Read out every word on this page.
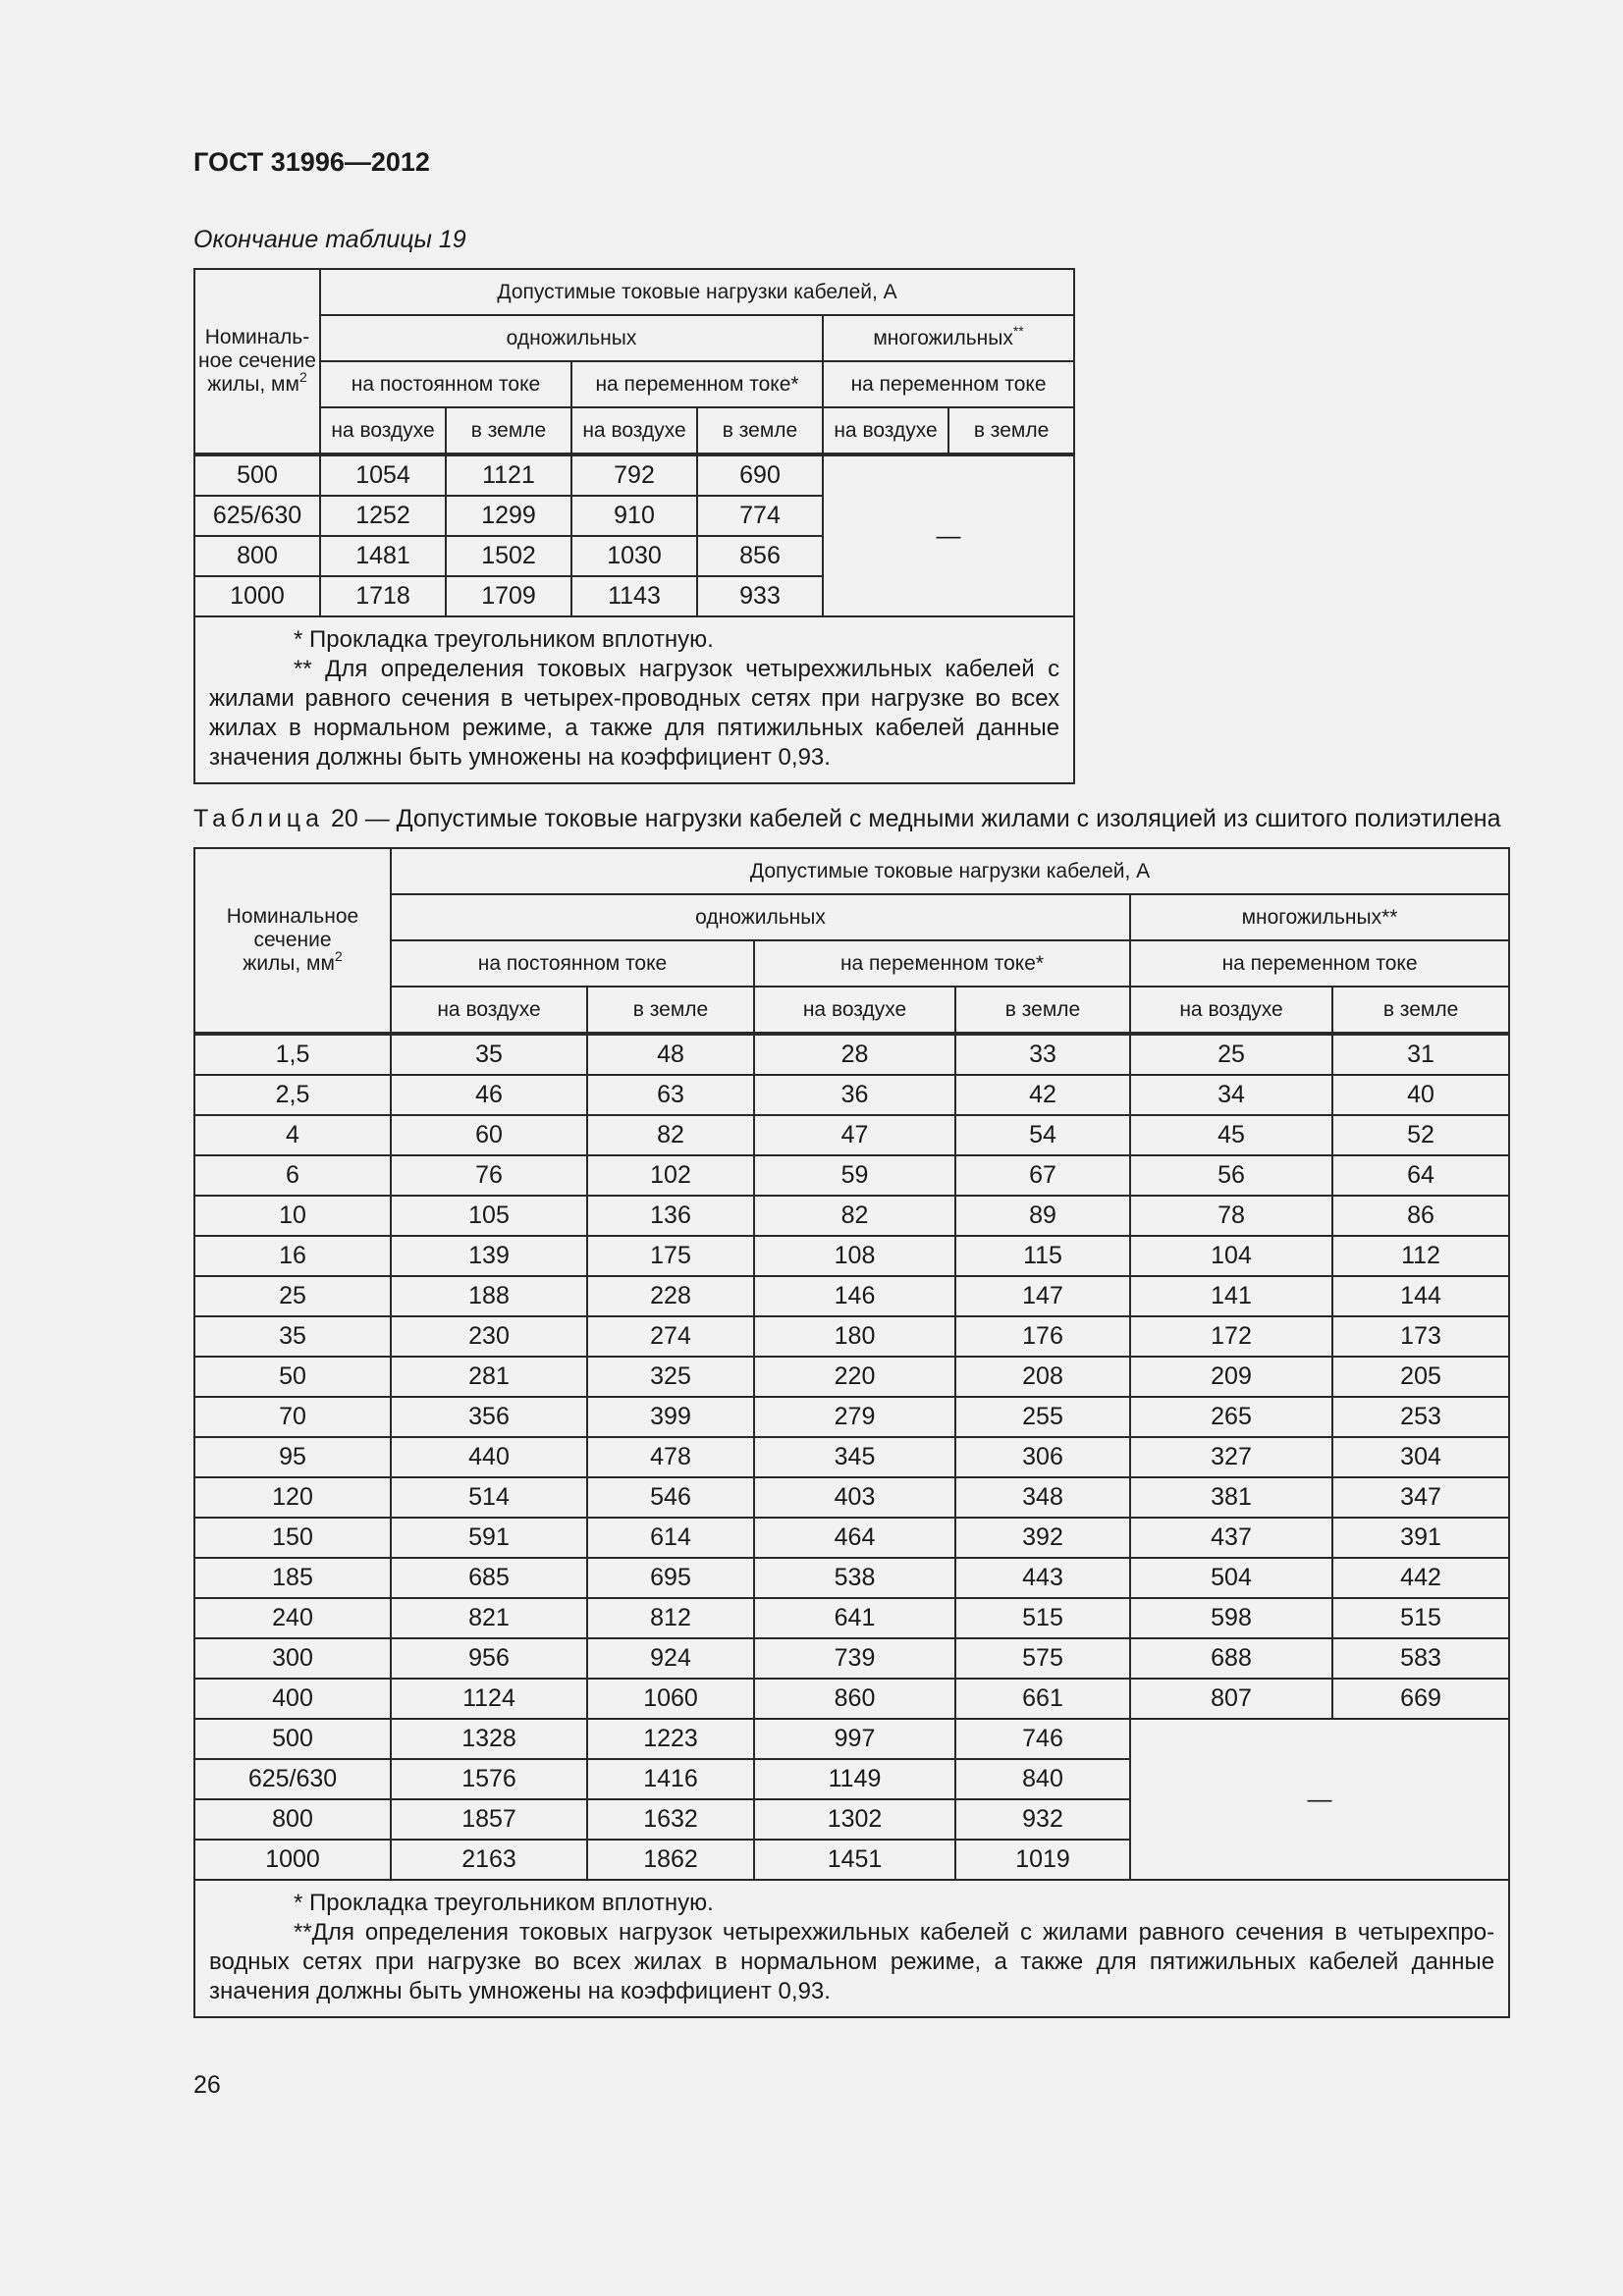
ГОСТ 31996—2012

Окончание таблицы 19

Номиналь-
ное сечение
жилы, $мм^2$	Допустимые токовые нагрузки кабелей, А					
	одножильных				многожильных**
	на постоянном токе		на переменном токе*		на переменном токе	
	на воздухе	в земле	на воздухе	в земле	на воздухе	в земле
500	1054	1121	792	690	—	
625/630	1252	1299	910	774		
800	1481	1502	1030	856		
1000	1718	1709	1143	933		

* Прокладка треугольником вплотную.
** Для определения токовых нагрузок четырехжильных кабелей с жилами равного сечения в четырех-проводных сетях при нагрузке во всех жилах в нормальном режиме, а также для пятижильных кабелей данные значения должны быть умножены на коэффициент 0,93.						

Таблица 20 — Допустимые токовые нагрузки кабелей с медными жилами с изоляцией из сшитого полиэтилена

Номинальное
сечение
жилы, $мм^2$	Допустимые токовые нагрузки кабелей, А					
	одножильных				многожильных**	
	на постоянном токе		на переменном токе*		на переменном токе	
	на воздухе	в земле	на воздухе	в земле	на воздухе	в земле
1,5	35	48	28	33	25	31
2,5	46	63	36	42	34	40
4	60	82	47	54	45	52
6	76	102	59	67	56	64
10	105	136	82	89	78	86
16	139	175	108	115	104	112
25	188	228	146	147	141	144
35	230	274	180	176	172	173
50	281	325	220	208	209	205
70	356	399	279	255	265	253
95	440	478	345	306	327	304
120	514	546	403	348	381	347
150	591	614	464	392	437	391
185	685	695	538	443	504	442
240	821	812	641	515	598	515
300	956	924	739	575	688	583
400	1124	1060	860	661	807	669
500	1328	1223	997	746	—	
625/630	1576	1416	1149	840		
800	1857	1632	1302	932		
1000	2163	1862	1451	1019		

* Прокладка треугольником вплотную.
**Для определения токовых нагрузок четырехжильных кабелей с жилами равного сечения в четырехпро-водных сетях при нагрузке во всех жилах в нормальном режиме, а также для пятижильных кабелей данные значения должны быть умножены на коэффициент 0,93.						

26
